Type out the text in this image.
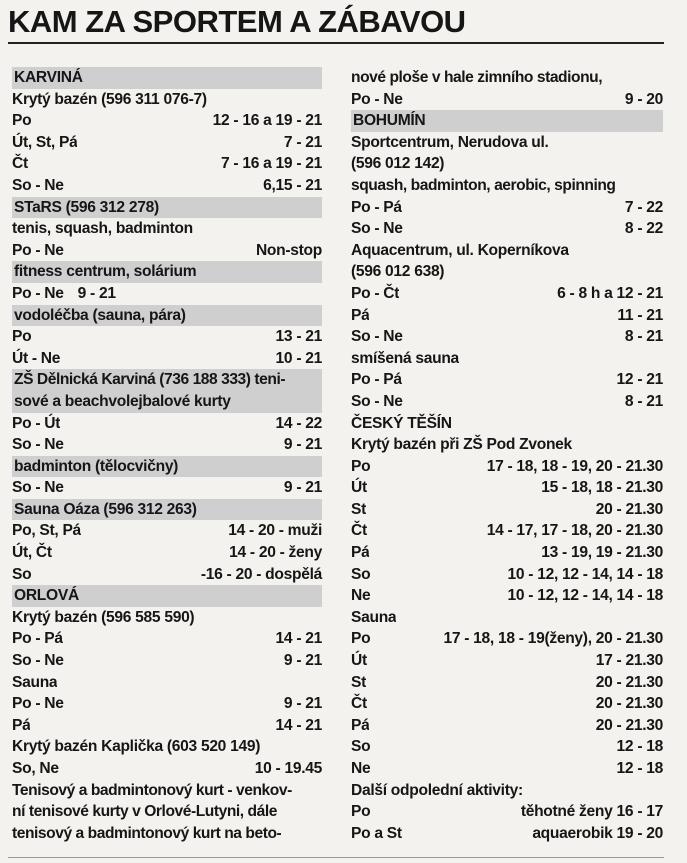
KAM ZA SPORTEM A ZÁBAVOU
KARVINÁ
Krytý bazén (596 311 076-7)
Po	12 - 16 a 19 - 21
Út, St, Pá	7 - 21
Čt	7 - 16 a 19 - 21
So - Ne	6,15 - 21
STaRS (596 312 278)
tenis, squash, badminton
Po - Ne	Non-stop
fitness centrum, solárium
Po - Ne 9 - 21
vodoléčba (sauna, pára)
Po	13 - 21
Út - Ne	10 - 21
ZŠ Dělnická Karviná (736 188 333) teni-
sové a beachvolejbalové kurty
Po - Út	14 - 22
So - Ne	9 - 21
badminton (tělocvičny)
So - Ne	9 - 21
Sauna Oáza (596 312 263)
Po, St, Pá	14 - 20 - muži
Út, Čt	14 - 20 - ženy
So	-16 - 20 - dospělá
ORLOVÁ
Krytý bazén (596 585 590)
Po - Pá	14 - 21
So - Ne	9 - 21
Sauna
Po - Ne	9 - 21
Pá	14 - 21
Krytý bazén Kaplička (603 520 149)
So, Ne	10 - 19.45
Tenisový a badmintonový kurt - venkov-
ní tenisové kurty v Orlové-Lutyni, dále
tenisový a badmintonový kurt na beto-
nové ploše v hale zimního stadionu,
Po - Ne	9 - 20
BOHUMÍN
Sportcentrum, Nerudova ul.
(596 012 142)
squash, badminton, aerobic, spinning
Po - Pá	7 - 22
So - Ne	8 - 22
Aquacentrum, ul. Koperníkova
(596 012 638)
Po - Čt	6 - 8 h a 12 - 21
Pá	11 - 21
So - Ne	8 - 21
smíšená sauna
Po - Pá	12 - 21
So - Ne	8 - 21
ČESKÝ TĚŠÍN
Krytý bazén při ZŠ Pod Zvonek
Po	17 - 18, 18 - 19, 20 - 21.30
Út	15 - 18, 18 - 21.30
St	20 - 21.30
Čt	14 - 17, 17 - 18, 20 - 21.30
Pá	13 - 19, 19 - 21.30
So	10 - 12, 12 - 14, 14 - 18
Ne	10 - 12, 12 - 14, 14 - 18
Sauna
Po	17 - 18, 18 - 19(ženy), 20 - 21.30
Út	17 - 21.30
St	20 - 21.30
Čt	20 - 21.30
Pá	20 - 21.30
So	12 - 18
Ne	12 - 18
Další odpolední aktivity:
Po	těhotné ženy 16 - 17
Po a St	aquaerobik 19 - 20
